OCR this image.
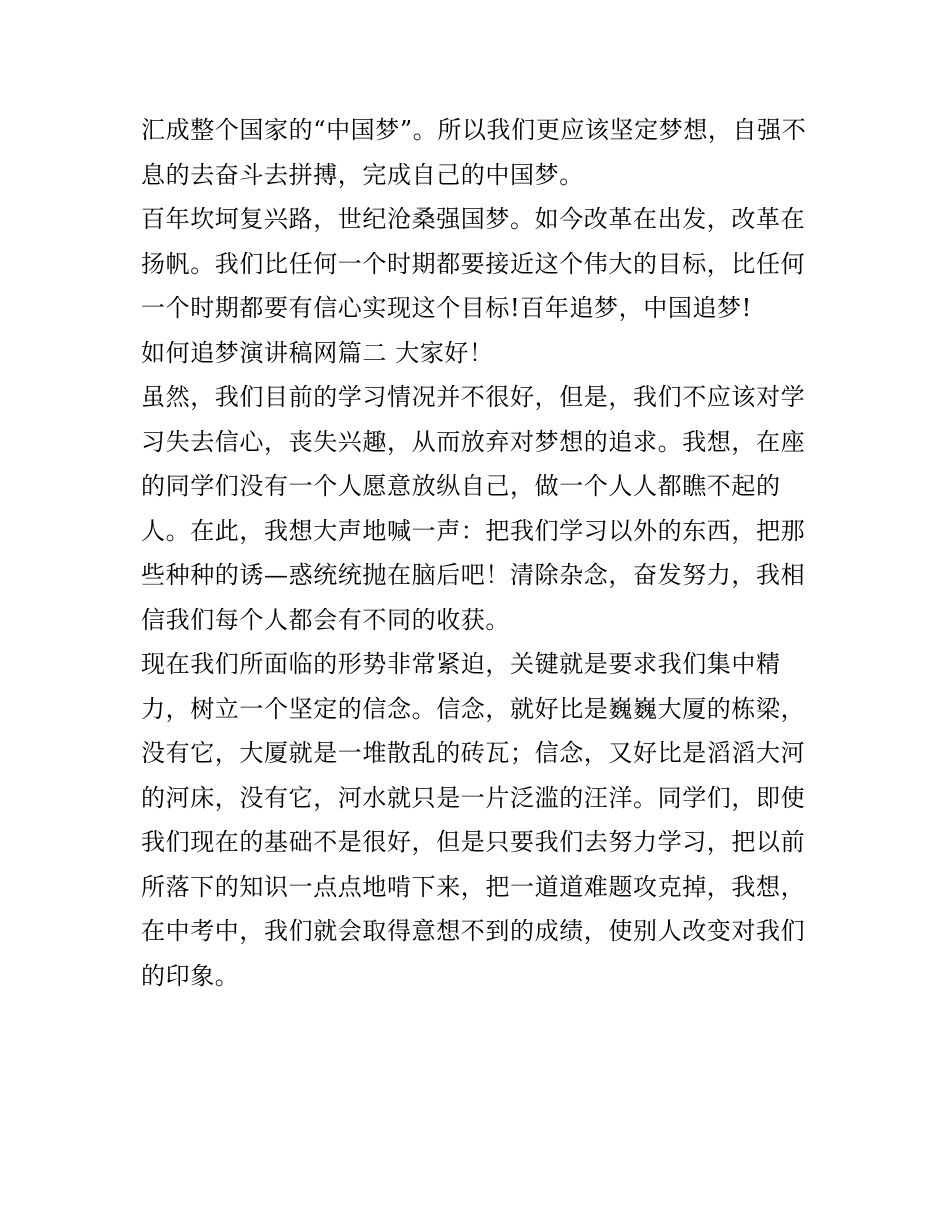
汇成整个国家的“中国梦”。所以我们更应该坚定梦想，自强不
息的去奋斗去拼搏，完成自己的中国梦。
百年坎坷复兴路，世纪沧桑强国梦。如今改革在出发，改革在
扬帆。我们比任何一个时期都要接近这个伟大的目标，比任何
一个时期都要有信心实现这个目标!百年追梦，中国追梦!
如何追梦演讲稿网篇二 大家好！
虽然，我们目前的学习情况并不很好，但是，我们不应该对学
习失去信心，丧失兴趣，从而放弃对梦想的追求。我想，在座
的同学们没有一个人愿意放纵自己，做一个人人都瞧不起的
人。在此，我想大声地喊一声：把我们学习以外的东西，把那
些种种的诱—惑统统抛在脑后吧！清除杂念，奋发努力，我相
信我们每个人都会有不同的收获。
现在我们所面临的形势非常紧迫，关键就是要求我们集中精
力，树立一个坚定的信念。信念，就好比是巍巍大厦的栋梁，
没有它，大厦就是一堆散乱的砖瓦；信念，又好比是滔滔大河
的河床，没有它，河水就只是一片泛滥的汪洋。同学们，即使
我们现在的基础不是很好，但是只要我们去努力学习，把以前
所落下的知识一点点地啃下来，把一道道难题攻克掉，我想，
在中考中，我们就会取得意想不到的成绩，使别人改变对我们
的印象。
